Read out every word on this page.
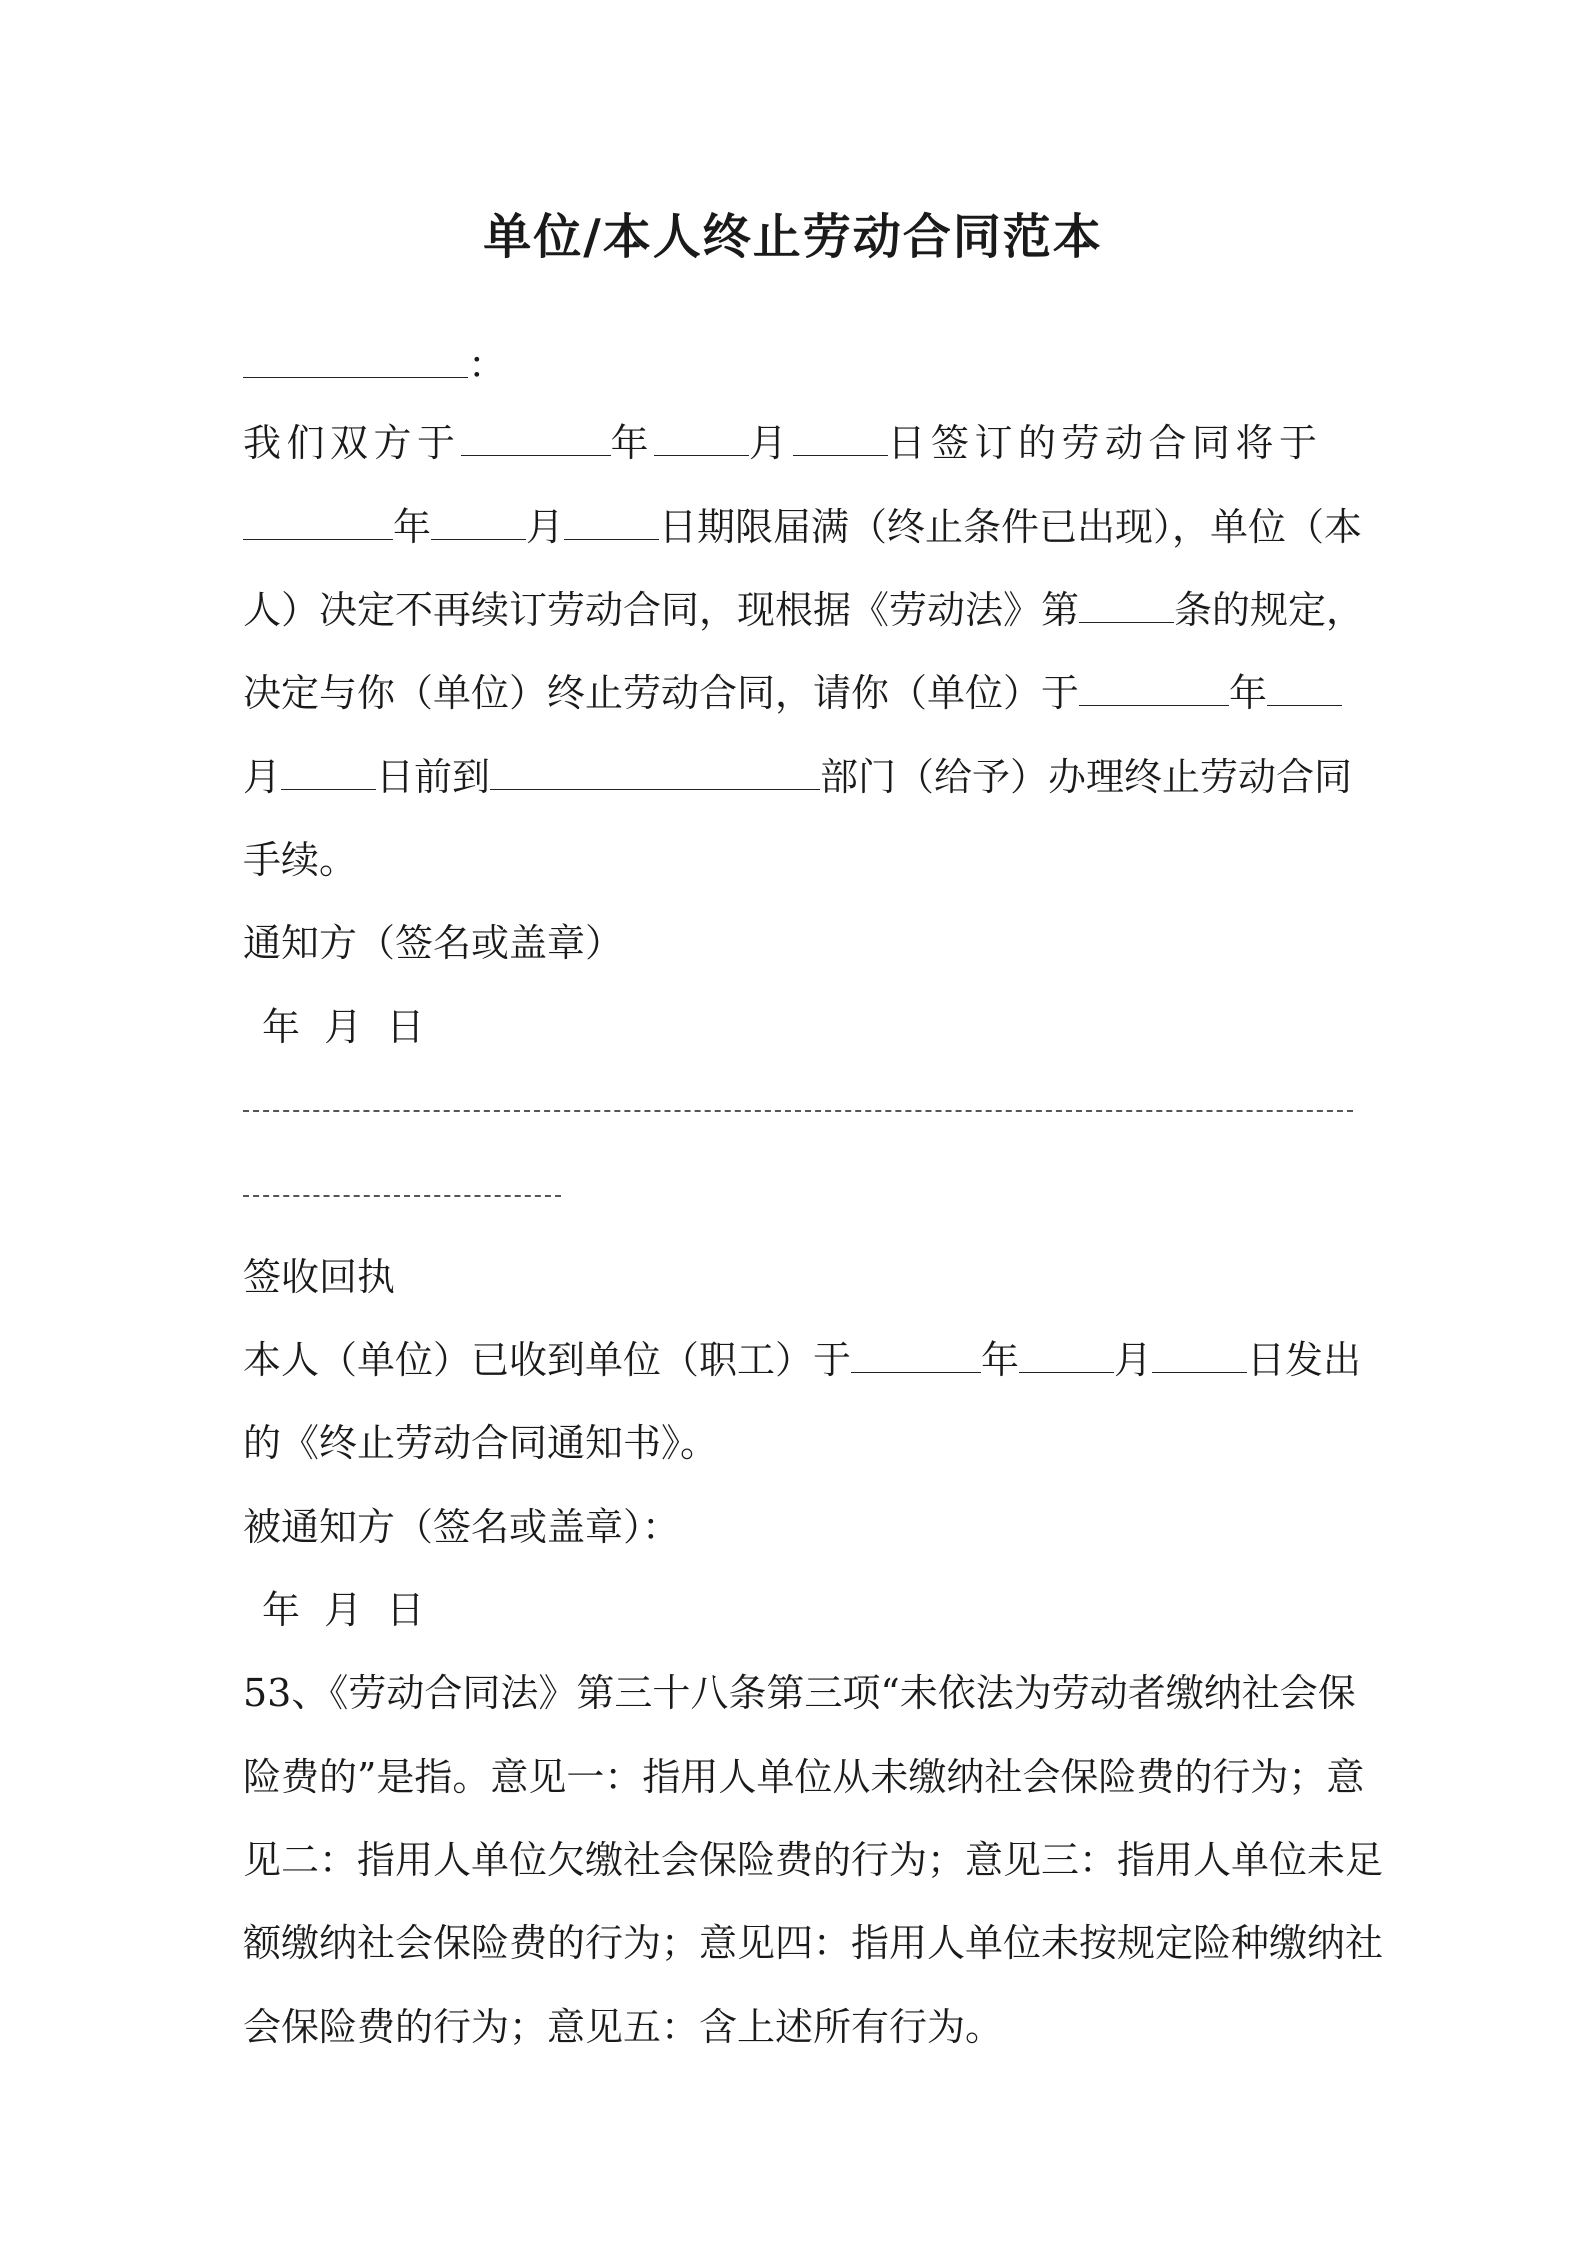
单位/本人终止劳动合同范本
：
我们双方于	年	月	日签订的劳动合同将于
年	月	日期限届满（终止条件已出现），单位（本
人）决定不再续订劳动合同，现根据《劳动法》第	条的规定，
决定与你（单位）终止劳动合同，请你（单位）于	年
月	日前到	部门（给予）办理终止劳动合同
手续。
通知方（签名或盖章）
年  月  日
签收回执
本人（单位）已收到单位（职工）于	年	月	日发出
的《终止劳动合同通知书》。
被通知方（签名或盖章）：
年  月  日
53、《劳动合同法》第三十八条第三项“未依法为劳动者缴纳社会保
险费的”是指。意见一：指用人单位从未缴纳社会保险费的行为；意
见二：指用人单位欠缴社会保险费的行为；意见三：指用人单位未足
额缴纳社会保险费的行为；意见四：指用人单位未按规定险种缴纳社
会保险费的行为；意见五：含上述所有行为。
